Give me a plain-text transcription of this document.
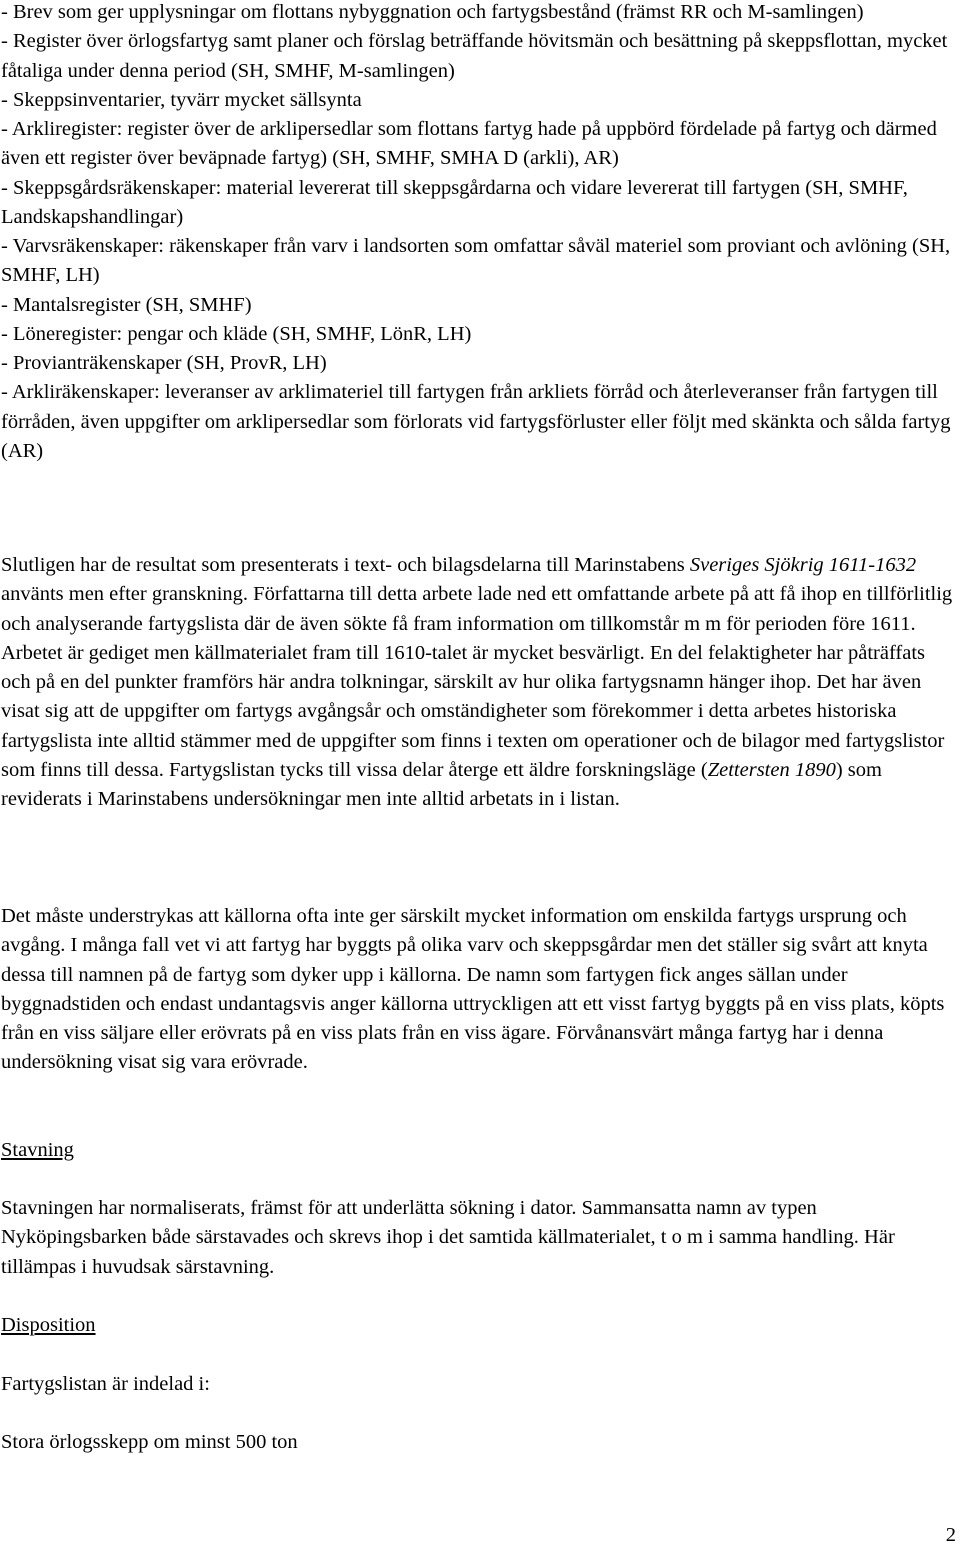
- Brev som ger upplysningar om flottans nybyggnation och fartygsbestånd (främst RR och M-samlingen)

- Register över örlogsfartyg samt planer och förslag beträffande hövitsmän och besättning på skeppsflottan, mycket fåtaliga under denna period (SH, SMHF, M-samlingen)

- Skeppsinventarier, tyvärr mycket sällsynta

- Arkliregister: register över de arklipersedlar som flottans fartyg hade på uppbörd fördelade på fartyg och därmed även ett register över beväpnade fartyg) (SH, SMHF, SMHA D (arkli), AR)

- Skeppsgårdsräkenskaper: material levererat till skeppsgårdarna och vidare levererat till fartygen (SH, SMHF, Landskapshandlingar)

- Varvsräkenskaper: räkenskaper från varv i landsorten som omfattar såväl materiel som proviant och avlöning (SH, SMHF, LH)

- Mantalsregister (SH, SMHF)

- Löneregister: pengar och kläde (SH, SMHF, LönR, LH)

- Provianträkenskaper (SH, ProvR, LH)

- Arkliräkenskaper: leveranser av arklimateriel till fartygen från arkliets förråd och återleveranser från fartygen till förråden, även uppgifter om arklipersedlar som förlorats vid fartygsförluster eller följt med skänkta och sålda fartyg (AR)

Slutligen har de resultat som presenterats i text- och bilagsdelarna till Marinstabens Sveriges Sjökrig 1611-1632 använts men efter granskning. Författarna till detta arbete lade ned ett omfattande arbete på att få ihop en tillförlitlig och analyserande fartygslista där de även sökte få fram information om tillkomstår m m för perioden före 1611. Arbetet är gediget men källmaterialet fram till 1610-talet är mycket besvärligt. En del felaktigheter har påträffats och på en del punkter framförs här andra tolkningar, särskilt av hur olika fartygsnamn hänger ihop. Det har även visat sig att de uppgifter om fartygs avgångsår och omständigheter som förekommer i detta arbetes historiska fartygslista inte alltid stämmer med de uppgifter som finns i texten om operationer och de bilagor med fartygslistor som finns till dessa. Fartygslistan tycks till vissa delar återge ett äldre forskningsläge (Zettersten 1890) som reviderats i Marinstabens undersökningar men inte alltid arbetats in i listan.

Det måste understrykas att källorna ofta inte ger särskilt mycket information om enskilda fartygs ursprung och avgång. I många fall vet vi att fartyg har byggts på olika varv och skeppsgårdar men det ställer sig svårt att knyta dessa till namnen på de fartyg som dyker upp i källorna. De namn som fartygen fick anges sällan under byggnadstiden och endast undantagsvis anger källorna uttryckligen att ett visst fartyg byggts på en viss plats, köpts från en viss säljare eller erövrats på en viss plats från en viss ägare. Förvånansvärt många fartyg har i denna undersökning visat sig vara erövrade.

Stavning

Stavningen har normaliserats, främst för att underlätta sökning i dator. Sammansatta namn av typen Nyköpingsbarken både särstavades och skrevs ihop i det samtida källmaterialet, t o m i samma handling. Här tillämpas i huvudsak särstavning.

Disposition

Fartygslistan är indelad i:

Stora örlogsskepp om minst 500 ton

2
